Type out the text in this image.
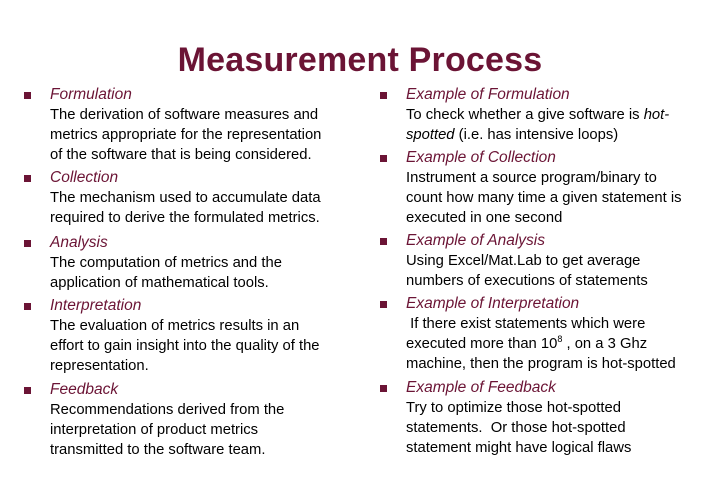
Measurement Process
Formulation
The derivation of software measures and
metrics appropriate for the representation
of the software that is being considered.
Collection
The mechanism used to accumulate data
required to derive the formulated metrics.
Analysis
The computation of metrics and the
application of mathematical tools.
Interpretation
The evaluation of metrics results in an
effort to gain insight into the quality of the
representation.
Feedback
Recommendations derived from the
interpretation of product metrics
transmitted to the software team.
Example of Formulation
To check whether a give software is hot-
spotted (i.e. has intensive loops)
Example of Collection
Instrument a source program/binary to
count how many time a given statement is
executed in one second
Example of Analysis
Using Excel/Mat.Lab to get average
numbers of executions of statements
Example of Interpretation
If there exist statements which were
executed more than $10^8$ , on a 3 Ghz
machine, then the program is hot-spotted
Example of Feedback
Try to optimize those hot-spotted
statements.  Or those hot-spotted
statement might have logical flaws
